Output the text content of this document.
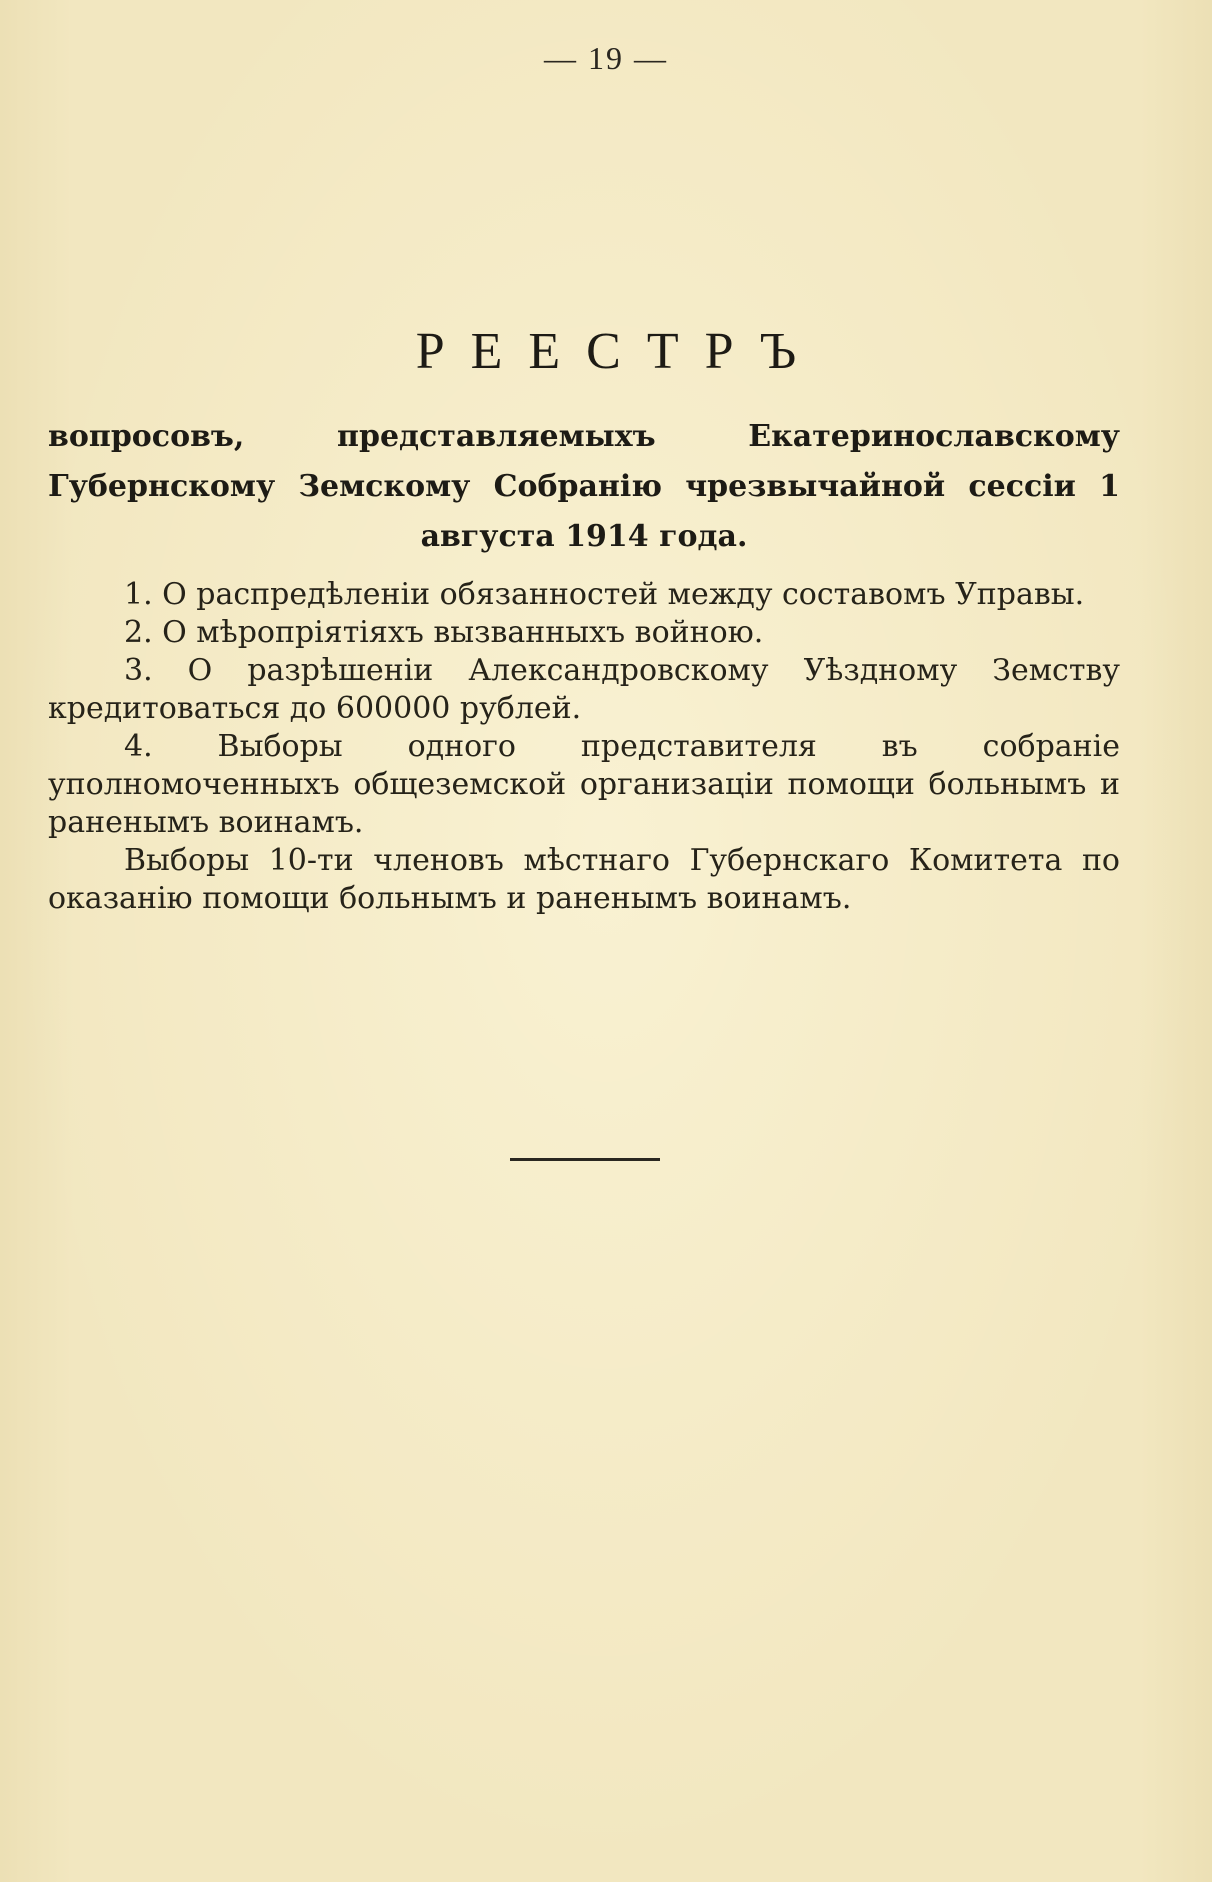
— 19 —
РЕЕСТРЪ
вопросовъ, представляемыхъ Екатеринославскому Губернскому Земскому Собранію чрезвычайной сессіи 1 августа 1914 года.

1. О распредѣленіи обязанностей между составомъ Управы.

2. О мѣропріятіяхъ вызванныхъ войною.

3. О разрѣшеніи Александровскому Уѣздному Земству кредитоваться до 600000 рублей.

4. Выборы одного представителя въ собраніе уполномоченныхъ общеземской организаціи помощи больнымъ и раненымъ воинамъ.

Выборы 10-ти членовъ мѣстнаго Губернскаго Комитета по оказанію помощи больнымъ и раненымъ воинамъ.
